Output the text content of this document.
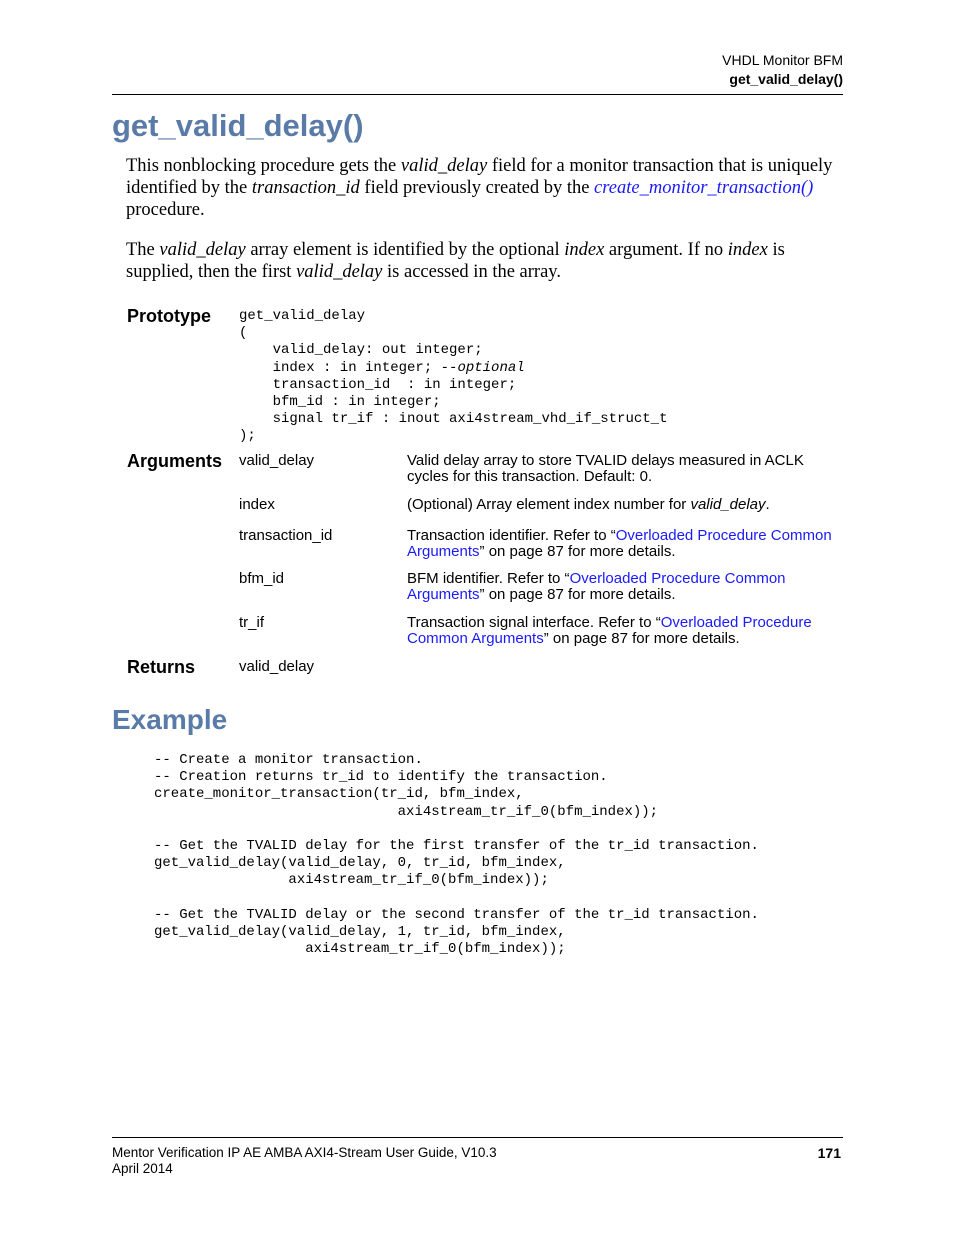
VHDL Monitor BFM
get_valid_delay()
get_valid_delay()
This nonblocking procedure gets the valid_delay field for a monitor transaction that is uniquely identified by the transaction_id field previously created by the create_monitor_transaction() procedure.
The valid_delay array element is identified by the optional index argument. If no index is supplied, then the first valid_delay is accessed in the array.
Prototype get_valid_delay
(
valid_delay: out integer;
index : in integer; --optional
transaction_id  : in integer;
bfm_id : in integer;
signal tr_if : inout axi4stream_vhd_if_struct_t
);
Arguments valid_delay	Valid delay array to store TVALID delays measured in ACLK cycles for this transaction. Default: 0.
index	(Optional) Array element index number for valid_delay.
transaction_id	Transaction identifier. Refer to “Overloaded Procedure Common Arguments” on page 87 for more details.
bfm_id	BFM identifier. Refer to “Overloaded Procedure Common Arguments” on page 87 for more details.
tr_if	Transaction signal interface. Refer to “Overloaded Procedure Common Arguments” on page 87 for more details.
Returns	valid_delay
Example
-- Create a monitor transaction.
-- Creation returns tr_id to identify the transaction.
create_monitor_transaction(tr_id, bfm_index,
axi4stream_tr_if_0(bfm_index));

-- Get the TVALID delay for the first transfer of the tr_id transaction.
get_valid_delay(valid_delay, 0, tr_id, bfm_index,
axi4stream_tr_if_0(bfm_index));

-- Get the TVALID delay or the second transfer of the tr_id transaction.
get_valid_delay(valid_delay, 1, tr_id, bfm_index,
axi4stream_tr_if_0(bfm_index));
Mentor Verification IP AE AMBA AXI4-Stream User Guide, V10.3
April 2014
171
